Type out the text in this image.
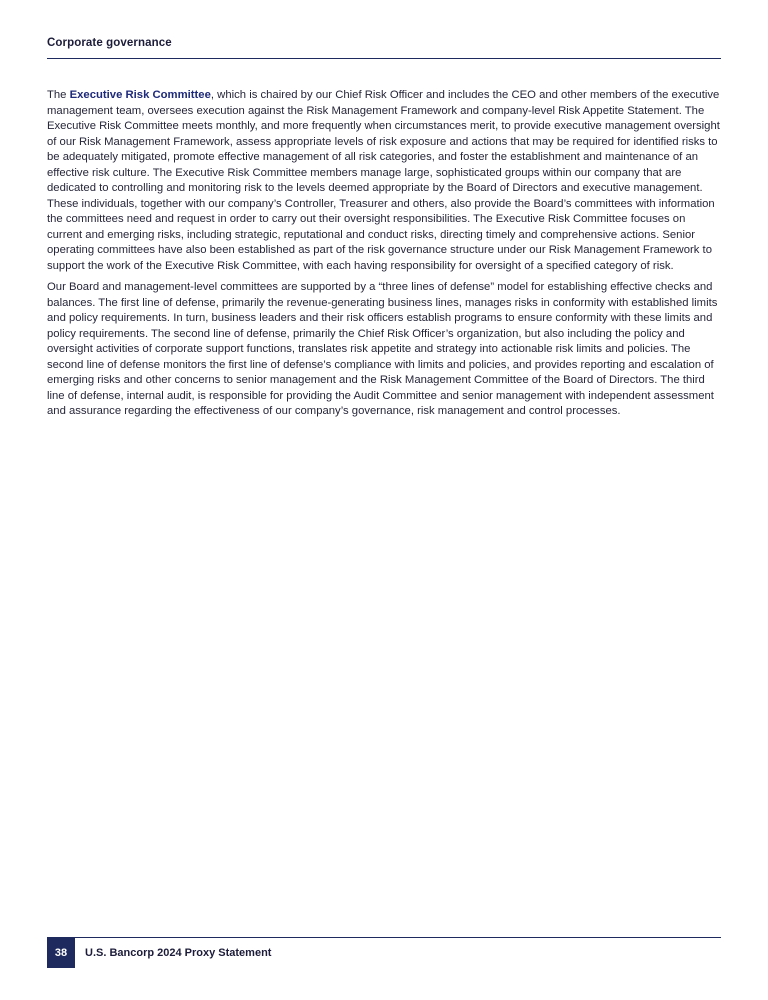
Corporate governance

The Executive Risk Committee, which is chaired by our Chief Risk Officer and includes the CEO and other members of the executive management team, oversees execution against the Risk Management Framework and company-level Risk Appetite Statement. The Executive Risk Committee meets monthly, and more frequently when circumstances merit, to provide executive management oversight of our Risk Management Framework, assess appropriate levels of risk exposure and actions that may be required for identified risks to be adequately mitigated, promote effective management of all risk categories, and foster the establishment and maintenance of an effective risk culture. The Executive Risk Committee members manage large, sophisticated groups within our company that are dedicated to controlling and monitoring risk to the levels deemed appropriate by the Board of Directors and executive management. These individuals, together with our company’s Controller, Treasurer and others, also provide the Board’s committees with information the committees need and request in order to carry out their oversight responsibilities. The Executive Risk Committee focuses on current and emerging risks, including strategic, reputational and conduct risks, directing timely and comprehensive actions. Senior operating committees have also been established as part of the risk governance structure under our Risk Management Framework to support the work of the Executive Risk Committee, with each having responsibility for oversight of a specified category of risk.

Our Board and management-level committees are supported by a “three lines of defense” model for establishing effective checks and balances. The first line of defense, primarily the revenue-generating business lines, manages risks in conformity with established limits and policy requirements. In turn, business leaders and their risk officers establish programs to ensure conformity with these limits and policy requirements. The second line of defense, primarily the Chief Risk Officer’s organization, but also including the policy and oversight activities of corporate support functions, translates risk appetite and strategy into actionable risk limits and policies. The second line of defense monitors the first line of defense’s compliance with limits and policies, and provides reporting and escalation of emerging risks and other concerns to senior management and the Risk Management Committee of the Board of Directors. The third line of defense, internal audit, is responsible for providing the Audit Committee and senior management with independent assessment and assurance regarding the effectiveness of our company’s governance, risk management and control processes.

38	U.S. Bancorp 2024 Proxy Statement
